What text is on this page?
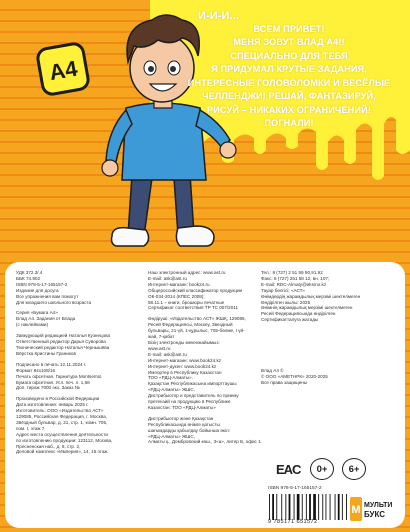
А4
И-И-И...
ВСЕМ ПРИВЕТ!
МЕНЯ ЗОВУТ ВЛАД А4!!
СПЕЦИАЛЬНО ДЛЯ ТЕБЯ
Я ПРИДУМАЛ КРУТЫЕ ЗАДАНИЯ,
ИНТЕРЕСНЫЕ ГОЛОВОЛОМКИ И ВЕСЁЛЫЕ
ЧЕЛЛЕНДЖИ! РЕШАЙ, ФАНТАЗИРУЙ,
РИСУЙ – НИКАКИХ ОГРАНИЧЕНИЙ!
ПОГНАЛИ!
УДК 372.3/.4
ББК 74.902
ISBN 978-5-17-165157-2
Издание для досуга
Все упражнения вам помогут
Для младшего школьного возраста
Серия «Бумага А4»
Влад А4. Задания от Влада
(с наклейками)
Заведующий редакцией Наталья Кузнецова
Ответственный редактор Дарья Суворова
Технический редактор Наталья Чернышёва
Вёрстка Кристины Граников
Подписано в печать 12.11.2024 г.
Формат 84х108/16
Печать офсетная. Гарнитура Montserrat.
Бумага офсетная. Усл. печ. л. 1,68
Доп. тираж 7000 экз. Заказ №
Произведено в Российской Федерации
Дата изготовления: январь 2025 г.
Изготовитель: ООО «Издательство АСТ»
129085, Российская Федерация, г. Москва,
Звёздный бульвар, д. 21, стр. 1, комн. 705,
пом. I, этаж 7
Адрес места осуществления деятельности
по изготовлению продукции: 123112, Москва,
Пресненская наб., д. 6, стр. 2,
Деловой комплекс «Империя», 14, 15 этаж
Наш электронный адрес: www.ast.ru
E-mail: ask@ast.ru
Интернет-магазин: book24.ru
Общероссийский классификатор продукции
ОК-034-2014 (КПЕС 2008);
58.11.1 – книги, брошюры печатные
Сертификат соответствия TP ТС 007/2011
Өндіруші: «Издательство АСТ» ЖШҚ, 129085,
Ресей Федерациясы, Мәскеу, Звездный
бульвары, 21-үй, 1-құрылыс, 705-бөлме, I үй-
жай, 7-қабат
Бізің электронды мекенжайымыз:
www.ast.ru
E-mail: ask@ast.ru
Интернет-магазин: www.book24.kz
Интернет-дүкен: www.book24.kz
Импортер в Республику Казахстан
ТОО «РДЦ-Алматы».
Қазақстан Республикасына импорттаушы
«РДЦ-Алматы» ЖШС.
Дистрибьютор и представитель по приему
претензий на продукцию в Республике
Казахстан: ТОО «РДЦ-Алматы»
Дистрибьютор және Қазақстан
Республикасында өнімге қатысты
шағымдарды қабылдау бойынша өкіл:
«РДЦ-Алматы» ЖШС,
Алматы қ., Домбровский көш., 3«а», литер Б, офис 1.
Тел.: 8 (727) 2 51 59 90,91,92
Факс: 8 (727) 251 58 12, вн. 107;
E-mail: RDC-Almaty@eksmo.kz
Тауар белгісі: «АСТ»
Өнімдердің жарамдылық мерзімі шектелмеген
Өндірілген жылы: 2025
Өнімнің жарамдылық мерзімі шектелмеген
Ресей Федерациясында өндірілген
Сертификатталуға жатады
Влад А4 ©
© ООО «АМЕТНРК» 2020-2025
Все права защищены
EAC	0+	6+
ISBN 978-5-17-165157-2
9 785171 651572
М МУЛЬТИ
БУКС
